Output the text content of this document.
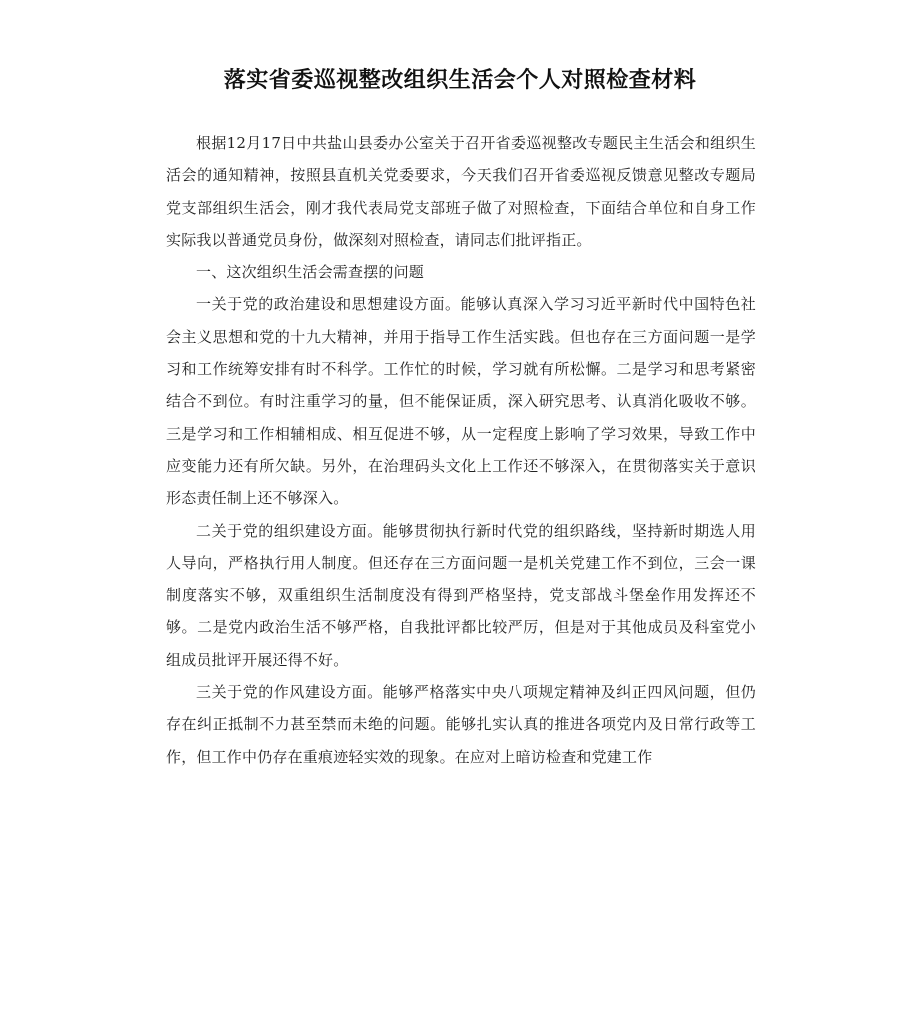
落实省委巡视整改组织生活会个人对照检查材料

根据12月17日中共盐山县委办公室关于召开省委巡视整改专题民主生活会和组织生活会的通知精神，按照县直机关党委要求，今天我们召开省委巡视反馈意见整改专题局党支部组织生活会，刚才我代表局党支部班子做了对照检查，下面结合单位和自身工作实际我以普通党员身份，做深刻对照检查，请同志们批评指正。

一、这次组织生活会需查摆的问题

一关于党的政治建设和思想建设方面。能够认真深入学习习近平新时代中国特色社会主义思想和党的十九大精神，并用于指导工作生活实践。但也存在三方面问题一是学习和工作统筹安排有时不科学。工作忙的时候，学习就有所松懈。二是学习和思考紧密结合不到位。有时注重学习的量，但不能保证质，深入研究思考、认真消化吸收不够。三是学习和工作相辅相成、相互促进不够，从一定程度上影响了学习效果，导致工作中应变能力还有所欠缺。另外，在治理码头文化上工作还不够深入，在贯彻落实关于意识形态责任制上还不够深入。

二关于党的组织建设方面。能够贯彻执行新时代党的组织路线，坚持新时期选人用人导向，严格执行用人制度。但还存在三方面问题一是机关党建工作不到位，三会一课制度落实不够，双重组织生活制度没有得到严格坚持，党支部战斗堡垒作用发挥还不够。二是党内政治生活不够严格，自我批评都比较严厉，但是对于其他成员及科室党小组成员批评开展还得不好。

三关于党的作风建设方面。能够严格落实中央八项规定精神及纠正四风问题，但仍存在纠正抵制不力甚至禁而未绝的问题。能够扎实认真的推进各项党内及日常行政等工作，但工作中仍存在重痕迹轻实效的现象。在应对上暗访检查和党建工作
